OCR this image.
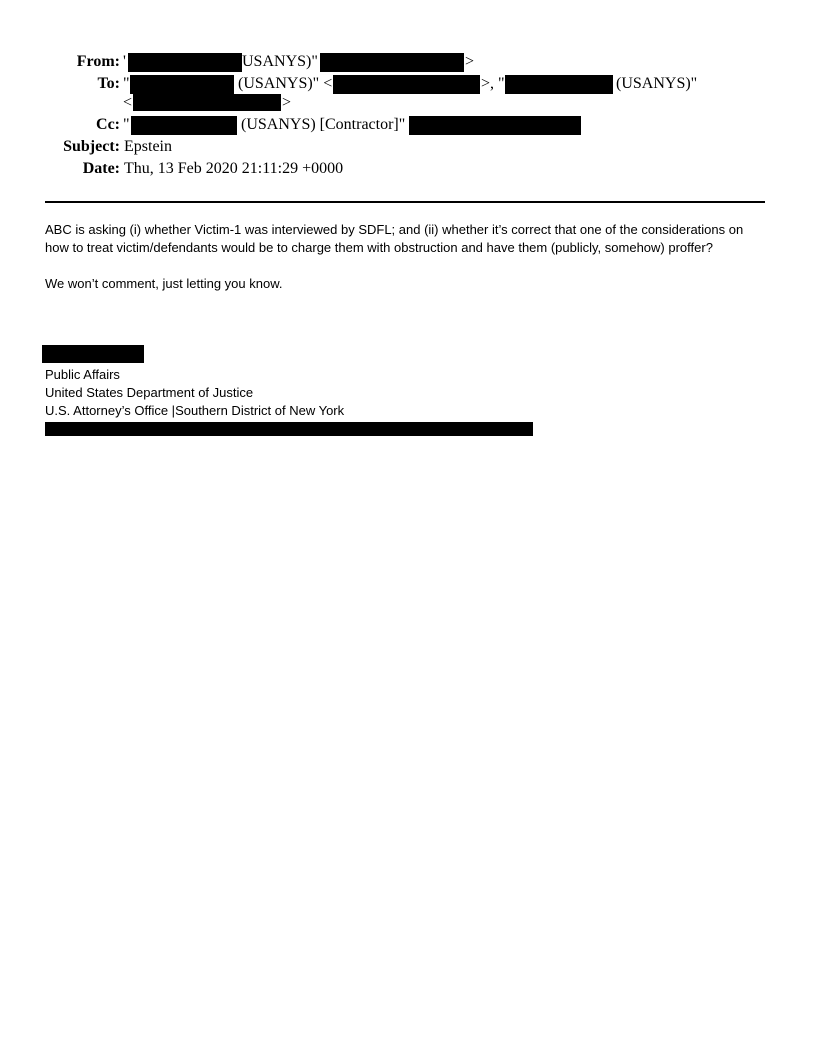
From: '	USANYS)"	>
To: "	(USANYS)" <	>, "	(USANYS)"
<	>
Cc: "	(USANYS) [Contractor]"
Subject: Epstein
Date: Thu, 13 Feb 2020 21:11:29 +0000
ABC is asking (i) whether Victim-1 was interviewed by SDFL; and (ii) whether it’s correct that one of the considerations on
how to treat victim/defendants would be to charge them with obstruction and have them (publicly, somehow) proffer?
We won’t comment, just letting you know.
Public Affairs
United States Department of Justice
U.S. Attorney’s Office |Southern District of New York
